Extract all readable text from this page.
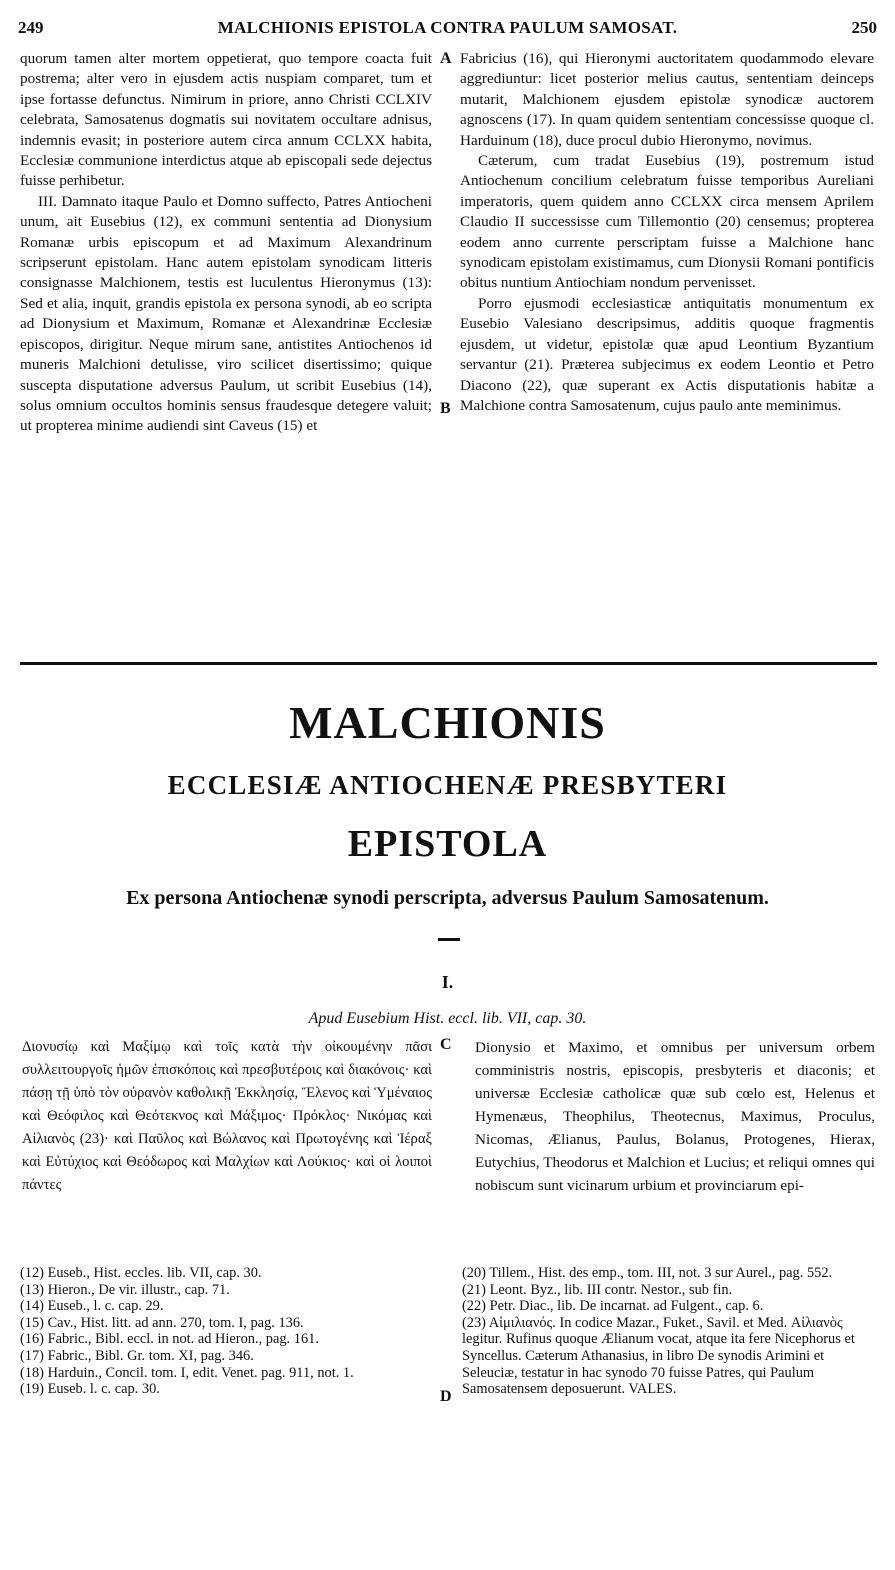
249	MALCHIONIS EPISTOLA CONTRA PAULUM SAMOSAT.	250

quorum tamen alter mortem oppetierat, quo tempore coacta fuit postrema; alter vero in ejusdem actis nuspiam comparet, tum et ipse fortasse defunctus. Nimirum in priore, anno Christi CCLXIV celebrata, Samosatenus dogmatis sui novitatem occultare adnisus, indemnis evasit; in posteriore autem circa annum CCLXX habita, Ecclesiæ communione interdictus atque ab episcopali sede dejectus fuisse perhibetur.

III. Damnato itaque Paulo et Domno suffecto, Patres Antiocheni unum, ait Eusebius (12), ex communi sententia ad Dionysium Romanæ urbis episcopum et ad Maximum Alexandrinum scripserunt epistolam. Hanc autem epistolam synodicam litteris consignasse Malchionem, testis est luculentus Hieronymus (13): Sed et alia, inquit, grandis epistola ex persona synodi, ab eo scripta ad Dionysium et Maximum, Romanæ et Alexandrinæ Ecclesiæ episcopos, dirigitur. Neque mirum sane, antistites Antiochenos id muneris Malchioni detulisse, viro scilicet disertissimo; quique suscepta disputatione adversus Paulum, ut scribit Eusebius (14), solus omnium occultos hominis sensus fraudesque detegere valuit; ut propterea minime audiendi sint Caveus (15) et

A
B

Fabricius (16), qui Hieronymi auctoritatem quodammodo elevare aggrediuntur: licet posterior melius cautus, sententiam deinceps mutarit, Malchionem ejusdem epistolæ synodicæ auctorem agnoscens (17). In quam quidem sententiam concessisse quoque cl. Harduinum (18), duce procul dubio Hieronymo, novimus.

Cæterum, cum tradat Eusebius (19), postremum istud Antiochenum concilium celebratum fuisse temporibus Aureliani imperatoris, quem quidem anno CCLXX circa mensem Aprilem Claudio II successisse cum Tillemontio (20) censemus; propterea eodem anno currente perscriptam fuisse a Malchione hanc synodicam epistolam existimamus, cum Dionysii Romani pontificis obitus nuntium Antiochiam nondum pervenisset.

Porro ejusmodi ecclesiasticæ antiquitatis monumentum ex Eusebio Valesiano descripsimus, additis quoque fragmentis ejusdem, ut videtur, epistolæ quæ apud Leontium Byzantium servantur (21). Præterea subjecimus ex eodem Leontio et Petro Diacono (22), quæ superant ex Actis disputationis habitæ a Malchione contra Samosatenum, cujus paulo ante meminimus.

MALCHIONIS
ECCLESIÆ ANTIOCHENÆ PRESBYTERI
EPISTOLA
Ex persona Antiochenæ synodi perscripta, adversus Paulum Samosatenum.
I.
Apud Eusebium Hist. eccl. lib. VII, cap. 30.
Διονυσίῳ καὶ Μαξίμῳ καὶ τοῖς κατὰ τὴν οἰκουμένην πᾶσι συλλειτουργοῖς ἡμῶν ἐπισκόποις καὶ πρεσβυτέροις καὶ διακόνοις· καὶ πάσῃ τῇ ὑπὸ τὸν οὐρανὸν καθολικῇ Ἐκκλησίᾳ, Ἕλενος καὶ Ὑμέναιος καὶ Θεόφιλος καὶ Θεότεκνος καὶ Μάξιμος· Πρόκλος· Νικόμας καὶ Αἰλιανὸς (23)· καὶ Παῦλος καὶ Βώλανος καὶ Πρωτογένης καὶ Ἱέραξ καὶ Εὐτύχιος καὶ Θεόδωρος καὶ Μαλχίων καὶ Λούκιος· καὶ οἱ λοιποὶ πάντες
C Dionysio et Maximo, et omnibus per universum orbem comministris nostris, episcopis, presbyteris et diaconis; et universæ Ecclesiæ catholicæ quæ sub cœlo est, Helenus et Hymenæus, Theophilus, Theotecnus, Maximus, Proculus, Nicomas, Ælianus, Paulus, Bolanus, Protogenes, Hierax, Eutychius, Theodorus et Malchion et Lucius; et reliqui omnes qui nobiscum sunt vicinarum urbium et provinciarum epi-
(12) Euseb., Hist. eccles. lib. VII, cap. 30.
(13) Hieron., De vir. illustr., cap. 71.
(14) Euseb., l. c. cap. 29.
(15) Cav., Hist. litt. ad ann. 270, tom. I, pag. 136.
(16) Fabric., Bibl. eccl. in not. ad Hieron., pag. 161.
(17) Fabric., Bibl. Gr. tom. XI, pag. 346.
(18) Harduin., Concil. tom. I, edit. Venet. pag. 911, not. 1.
(19) Euseb. l. c. cap. 30.	D
(20) Tillem., Hist. des emp., tom. III, not. 3 sur Aurel., pag. 552.
(21) Leont. Byz., lib. III contr. Nestor., sub fin.
(22) Petr. Diac., lib. De incarnat. ad Fulgent., cap. 6.
(23) Αἰμιλιανός. In codice Mazar., Fuket., Savil. et Med. Αἰλιανὸς legitur. Rufinus quoque Ælianum vocat, atque ita fere Nicephorus et Syncellus. Cæterum Athanasius, in libro De synodis Arimini et Seleuciæ, testatur in hac synodo 70 fuisse Patres, qui Paulum Samosatensem deposuerunt. VALES.
